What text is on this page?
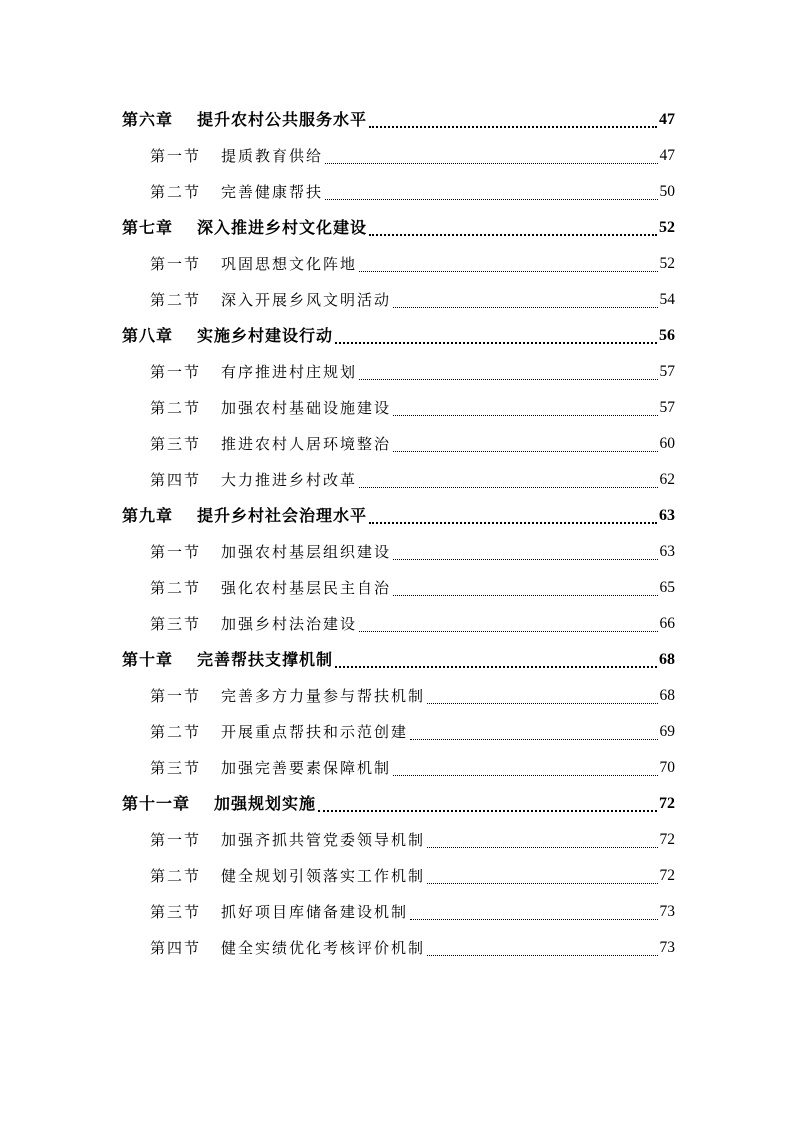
第六章 提升农村公共服务水平	47
第一节 提质教育供给	47
第二节 完善健康帮扶	50
第七章 深入推进乡村文化建设	52
第一节 巩固思想文化阵地	52
第二节 深入开展乡风文明活动	54
第八章 实施乡村建设行动	56
第一节 有序推进村庄规划	57
第二节 加强农村基础设施建设	57
第三节 推进农村人居环境整治	60
第四节 大力推进乡村改革	62
第九章 提升乡村社会治理水平	63
第一节 加强农村基层组织建设	63
第二节 强化农村基层民主自治	65
第三节 加强乡村法治建设	66
第十章 完善帮扶支撑机制	68
第一节 完善多方力量参与帮扶机制	68
第二节 开展重点帮扶和示范创建	69
第三节 加强完善要素保障机制	70
第十一章 加强规划实施	72
第一节 加强齐抓共管党委领导机制	72
第二节 健全规划引领落实工作机制	72
第三节 抓好项目库储备建设机制	73
第四节 健全实绩优化考核评价机制	73
